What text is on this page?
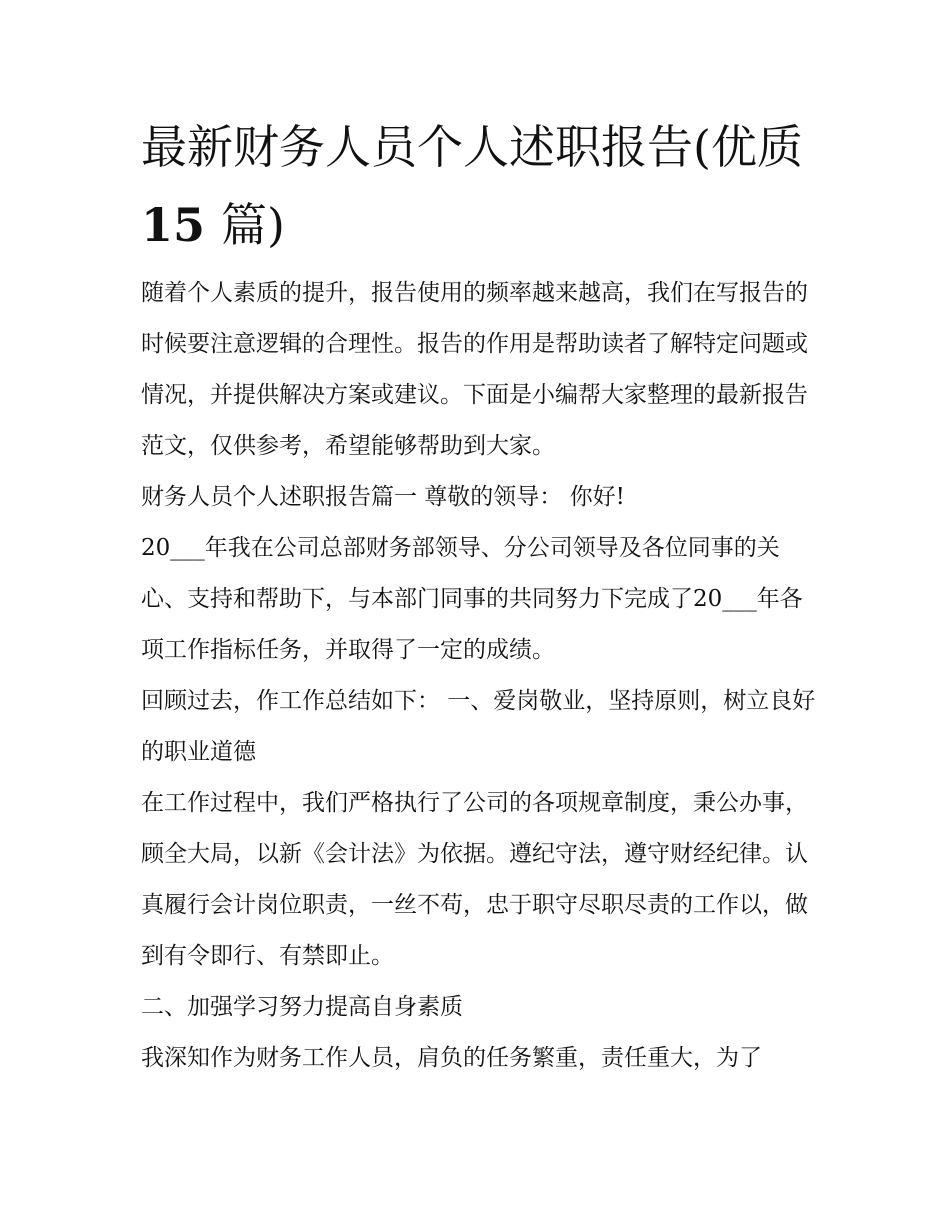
最新财务人员个人述职报告(优质 15 篇)

随着个人素质的提升，报告使用的频率越来越高，我们在写报告的时候要注意逻辑的合理性。报告的作用是帮助读者了解特定问题或情况，并提供解决方案或建议。下面是小编帮大家整理的最新报告范文，仅供参考，希望能够帮助到大家。

财务人员个人述职报告篇一 尊敬的领导： 你好!

20___年我在公司总部财务部领导、分公司领导及各位同事的关心、支持和帮助下，与本部门同事的共同努力下完成了20___年各项工作指标任务，并取得了一定的成绩。

回顾过去，作工作总结如下： 一、爱岗敬业，坚持原则，树立良好的职业道德

在工作过程中，我们严格执行了公司的各项规章制度，秉公办事，顾全大局，以新《会计法》为依据。遵纪守法，遵守财经纪律。认真履行会计岗位职责，一丝不苟，忠于职守尽职尽责的工作以，做到有令即行、有禁即止。

二、加强学习努力提高自身素质

我深知作为财务工作人员，肩负的任务繁重，责任重大，为了
